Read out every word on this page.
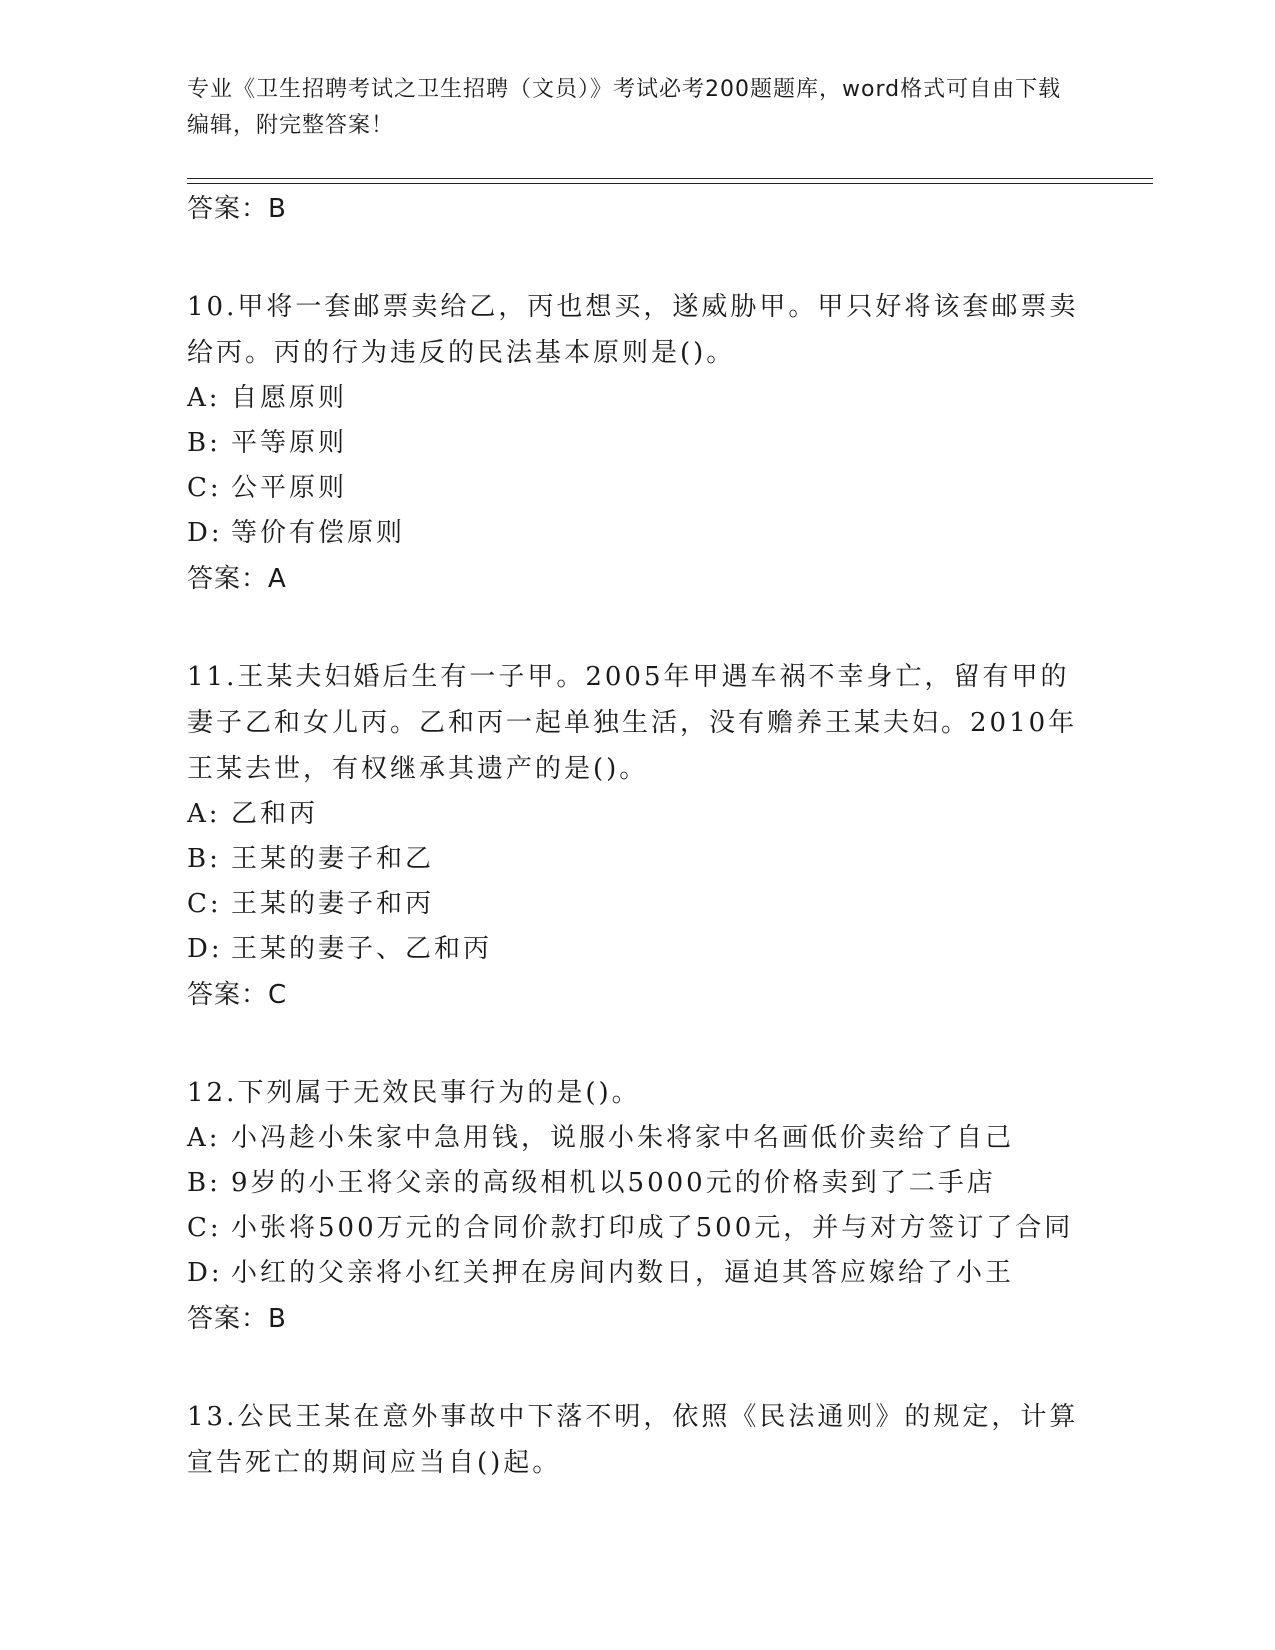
专业《卫生招聘考试之卫生招聘（文员）》考试必考200题题库，word格式可自由下载编辑，附完整答案！
答案：B
10.甲将一套邮票卖给乙，丙也想买，遂威胁甲。甲只好将该套邮票卖给丙。丙的行为违反的民法基本原则是()。
A: 自愿原则
B: 平等原则
C: 公平原则
D: 等价有偿原则
答案：A
11.王某夫妇婚后生有一子甲。2005年甲遇车祸不幸身亡，留有甲的妻子乙和女儿丙。乙和丙一起单独生活，没有赡养王某夫妇。2010年王某去世，有权继承其遗产的是()。
A: 乙和丙
B: 王某的妻子和乙
C: 王某的妻子和丙
D: 王某的妻子、乙和丙
答案：C
12.下列属于无效民事行为的是()。
A: 小冯趁小朱家中急用钱，说服小朱将家中名画低价卖给了自己
B: 9岁的小王将父亲的高级相机以5000元的价格卖到了二手店
C: 小张将500万元的合同价款打印成了500元，并与对方签订了合同
D: 小红的父亲将小红关押在房间内数日，逼迫其答应嫁给了小王
答案：B
13.公民王某在意外事故中下落不明，依照《民法通则》的规定，计算宣告死亡的期间应当自()起。
